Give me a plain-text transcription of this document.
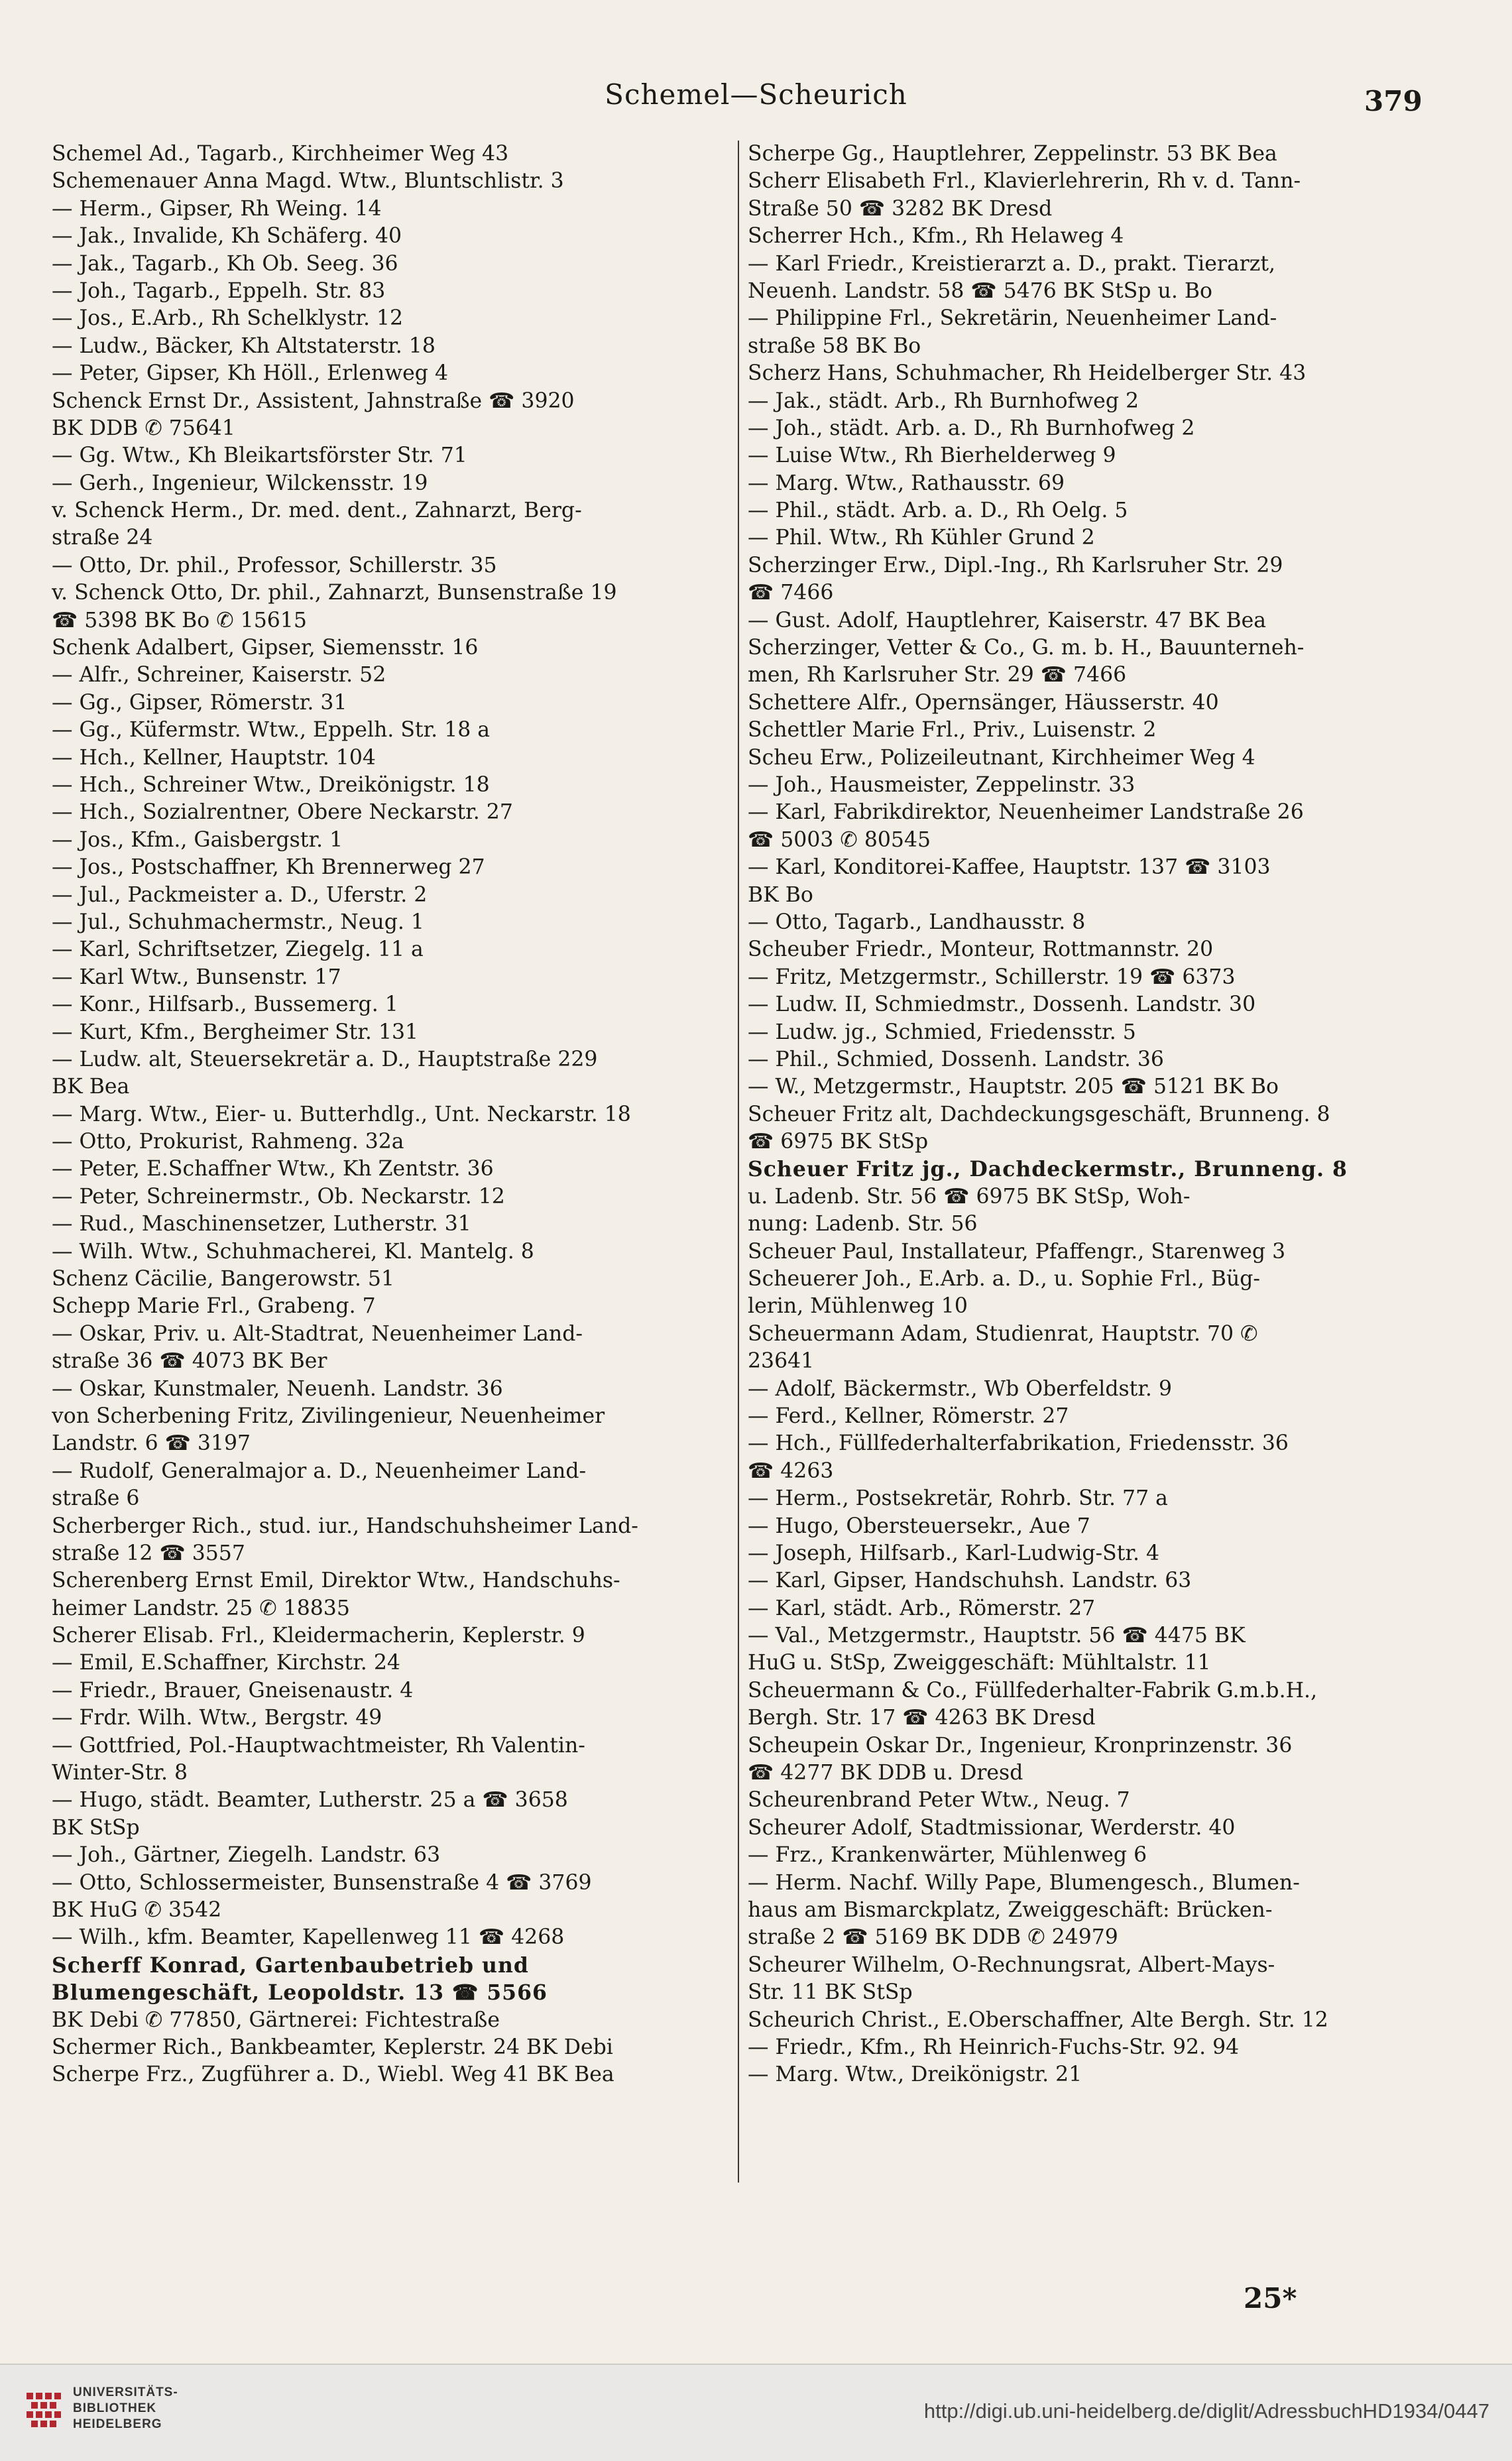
Schemel—Scheurich	379
Schemel Ad., Tagarb., Kirchheimer Weg 43
Schemenauer Anna Magd. Wtw., Bluntschlistr. 3
— Herm., Gipser, Rh Weing. 14
— Jak., Invalide, Kh Schäferg. 40
— Jak., Tagarb., Kh Ob. Seeg. 36
— Joh., Tagarb., Eppelh. Str. 83
— Jos., E.Arb., Rh Schelklystr. 12
— Ludw., Bäcker, Kh Altstaterstr. 18
— Peter, Gipser, Kh Höll., Erlenweg 4
Schenck Ernst Dr., Assistent, Jahnstraße ☎ 3920
BK DDB ✆ 75641
— Gg. Wtw., Kh Bleikartsförster Str. 71
— Gerh., Ingenieur, Wilckensstr. 19
v. Schenck Herm., Dr. med. dent., Zahnarzt, Berg-
straße 24
— Otto, Dr. phil., Professor, Schillerstr. 35
v. Schenck Otto, Dr. phil., Zahnarzt, Bunsenstraße 19
☎ 5398 BK Bo ✆ 15615
Schenk Adalbert, Gipser, Siemensstr. 16
— Alfr., Schreiner, Kaiserstr. 52
— Gg., Gipser, Römerstr. 31
— Gg., Küfermstr. Wtw., Eppelh. Str. 18 a
— Hch., Kellner, Hauptstr. 104
— Hch., Schreiner Wtw., Dreikönigstr. 18
— Hch., Sozialrentner, Obere Neckarstr. 27
— Jos., Kfm., Gaisbergstr. 1
— Jos., Postschaffner, Kh Brennerweg 27
— Jul., Packmeister a. D., Uferstr. 2
— Jul., Schuhmachermstr., Neug. 1
— Karl, Schriftsetzer, Ziegelg. 11 a
— Karl Wtw., Bunsenstr. 17
— Konr., Hilfsarb., Bussemerg. 1
— Kurt, Kfm., Bergheimer Str. 131
— Ludw. alt, Steuersekretär a. D., Hauptstraße 229
BK Bea
— Marg. Wtw., Eier- u. Butterhdlg., Unt. Neckarstr. 18
— Otto, Prokurist, Rahmeng. 32a
— Peter, E.Schaffner Wtw., Kh Zentstr. 36
— Peter, Schreinermstr., Ob. Neckarstr. 12
— Rud., Maschinensetzer, Lutherstr. 31
— Wilh. Wtw., Schuhmacherei, Kl. Mantelg. 8
Schenz Cäcilie, Bangerowstr. 51
Schepp Marie Frl., Grabeng. 7
— Oskar, Priv. u. Alt-Stadtrat, Neuenheimer Land-
straße 36 ☎ 4073 BK Ber
— Oskar, Kunstmaler, Neuenh. Landstr. 36
von Scherbening Fritz, Zivilingenieur, Neuenheimer
Landstr. 6 ☎ 3197
— Rudolf, Generalmajor a. D., Neuenheimer Land-
straße 6
Scherberger Rich., stud. iur., Handschuhsheimer Land-
straße 12 ☎ 3557
Scherenberg Ernst Emil, Direktor Wtw., Handschuhs-
heimer Landstr. 25 ✆ 18835
Scherer Elisab. Frl., Kleidermacherin, Keplerstr. 9
— Emil, E.Schaffner, Kirchstr. 24
— Friedr., Brauer, Gneisenaustr. 4
— Frdr. Wilh. Wtw., Bergstr. 49
— Gottfried, Pol.-Hauptwachtmeister, Rh Valentin-
Winter-Str. 8
— Hugo, städt. Beamter, Lutherstr. 25 a ☎ 3658
BK StSp
— Joh., Gärtner, Ziegelh. Landstr. 63
— Otto, Schlossermeister, Bunsenstraße 4 ☎ 3769
BK HuG ✆ 3542
— Wilh., kfm. Beamter, Kapellenweg 11 ☎ 4268
Scherff Konrad, Gartenbaubetrieb und
Blumengeschäft, Leopoldstr. 13 ☎ 5566
BK Debi ✆ 77850, Gärtnerei: Fichtestraße
Schermer Rich., Bankbeamter, Keplerstr. 24 BK Debi
Scherpe Frz., Zugführer a. D., Wiebl. Weg 41 BK Bea
Scherpe Gg., Hauptlehrer, Zeppelinstr. 53 BK Bea
Scherr Elisabeth Frl., Klavierlehrerin, Rh v. d. Tann-
Straße 50 ☎ 3282 BK Dresd
Scherrer Hch., Kfm., Rh Helaweg 4
— Karl Friedr., Kreistierarzt a. D., prakt. Tierarzt,
Neuenh. Landstr. 58 ☎ 5476 BK StSp u. Bo
— Philippine Frl., Sekretärin, Neuenheimer Land-
straße 58 BK Bo
Scherz Hans, Schuhmacher, Rh Heidelberger Str. 43
— Jak., städt. Arb., Rh Burnhofweg 2
— Joh., städt. Arb. a. D., Rh Burnhofweg 2
— Luise Wtw., Rh Bierhelderweg 9
— Marg. Wtw., Rathausstr. 69
— Phil., städt. Arb. a. D., Rh Oelg. 5
— Phil. Wtw., Rh Kühler Grund 2
Scherzinger Erw., Dipl.-Ing., Rh Karlsruher Str. 29
☎ 7466
— Gust. Adolf, Hauptlehrer, Kaiserstr. 47 BK Bea
Scherzinger, Vetter & Co., G. m. b. H., Bauunterneh-
men, Rh Karlsruher Str. 29 ☎ 7466
Schettere Alfr., Opernsänger, Häusserstr. 40
Schettler Marie Frl., Priv., Luisenstr. 2
Scheu Erw., Polizeileutnant, Kirchheimer Weg 4
— Joh., Hausmeister, Zeppelinstr. 33
— Karl, Fabrikdirektor, Neuenheimer Landstraße 26
☎ 5003 ✆ 80545
— Karl, Konditorei-Kaffee, Hauptstr. 137 ☎ 3103
BK Bo
— Otto, Tagarb., Landhausstr. 8
Scheuber Friedr., Monteur, Rottmannstr. 20
— Fritz, Metzgermstr., Schillerstr. 19 ☎ 6373
— Ludw. II, Schmiedmstr., Dossenh. Landstr. 30
— Ludw. jg., Schmied, Friedensstr. 5
— Phil., Schmied, Dossenh. Landstr. 36
— W., Metzgermstr., Hauptstr. 205 ☎ 5121 BK Bo
Scheuer Fritz alt, Dachdeckungsgeschäft, Brunneng. 8
☎ 6975 BK StSp
Scheuer Fritz jg., Dachdeckermstr., Brunneng. 8
u. Ladenb. Str. 56 ☎ 6975 BK StSp, Woh-
nung: Ladenb. Str. 56
Scheuer Paul, Installateur, Pfaffengr., Starenweg 3
Scheuerer Joh., E.Arb. a. D., u. Sophie Frl., Büg-
lerin, Mühlenweg 10
Scheuermann Adam, Studienrat, Hauptstr. 70 ✆
23641
— Adolf, Bäckermstr., Wb Oberfeldstr. 9
— Ferd., Kellner, Römerstr. 27
— Hch., Füllfederhalterfabrikation, Friedensstr. 36
☎ 4263
— Herm., Postsekretär, Rohrb. Str. 77 a
— Hugo, Obersteuersekr., Aue 7
— Joseph, Hilfsarb., Karl-Ludwig-Str. 4
— Karl, Gipser, Handschuhsh. Landstr. 63
— Karl, städt. Arb., Römerstr. 27
— Val., Metzgermstr., Hauptstr. 56 ☎ 4475 BK
HuG u. StSp, Zweiggeschäft: Mühltalstr. 11
Scheuermann & Co., Füllfederhalter-Fabrik G.m.b.H.,
Bergh. Str. 17 ☎ 4263 BK Dresd
Scheupein Oskar Dr., Ingenieur, Kronprinzenstr. 36
☎ 4277 BK DDB u. Dresd
Scheurenbrand Peter Wtw., Neug. 7
Scheurer Adolf, Stadtmissionar, Werderstr. 40
— Frz., Krankenwärter, Mühlenweg 6
— Herm. Nachf. Willy Pape, Blumengesch., Blumen-
haus am Bismarckplatz, Zweiggeschäft: Brücken-
straße 2 ☎ 5169 BK DDB ✆ 24979
Scheurer Wilhelm, O-Rechnungsrat, Albert-Mays-
Str. 11 BK StSp
Scheurich Christ., E.Oberschaffner, Alte Bergh. Str. 12
— Friedr., Kfm., Rh Heinrich-Fuchs-Str. 92. 94
— Marg. Wtw., Dreikönigstr. 21
25*
UNIVERSITÄTS-
BIBLIOTHEK
HEIDELBERG
http://digi.ub.uni-heidelberg.de/diglit/AdressbuchHD1934/0447
